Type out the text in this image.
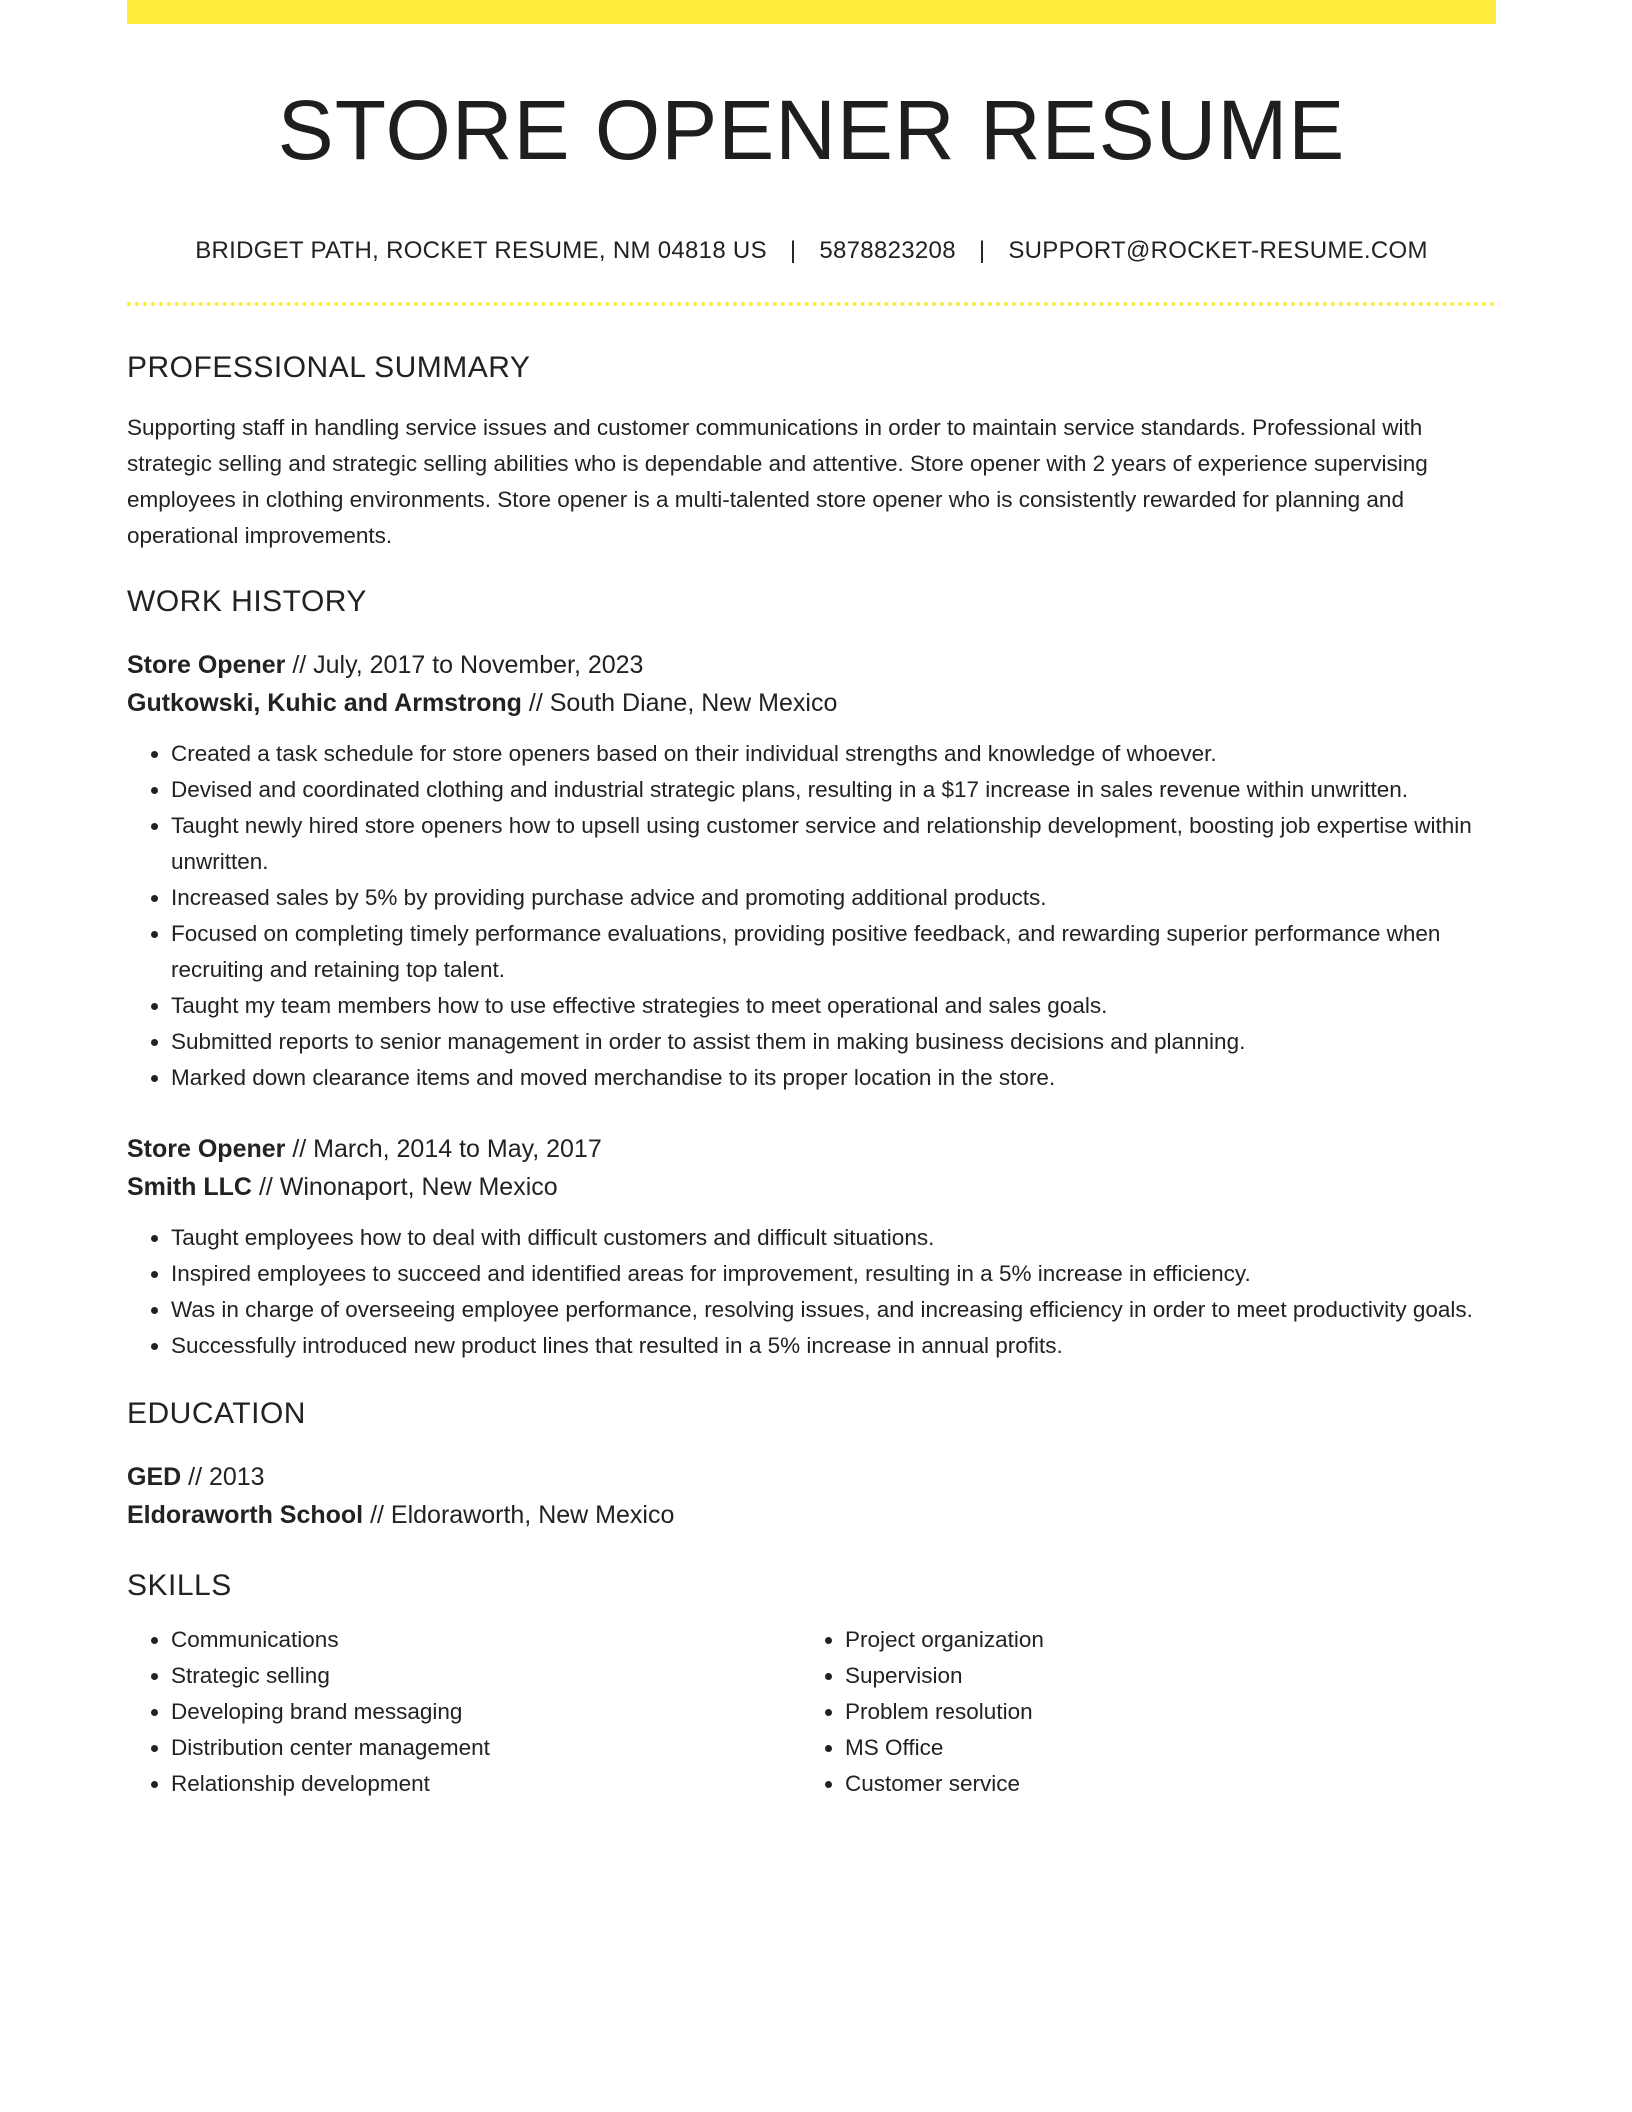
STORE OPENER RESUME
BRIDGET PATH, ROCKET RESUME, NM 04818 US | 5878823208 | SUPPORT@ROCKET-RESUME.COM
PROFESSIONAL SUMMARY

Supporting staff in handling service issues and customer communications in order to maintain service standards. Professional with strategic selling and strategic selling abilities who is dependable and attentive. Store opener with 2 years of experience supervising employees in clothing environments. Store opener is a multi-talented store opener who is consistently rewarded for planning and operational improvements.

WORK HISTORY
Store Opener // July, 2017 to November, 2023
Gutkowski, Kuhic and Armstrong // South Diane, New Mexico
• Created a task schedule for store openers based on their individual strengths and knowledge of whoever.
• Devised and coordinated clothing and industrial strategic plans, resulting in a $17 increase in sales revenue within unwritten.
• Taught newly hired store openers how to upsell using customer service and relationship development, boosting job expertise within unwritten.
• Increased sales by 5% by providing purchase advice and promoting additional products.
• Focused on completing timely performance evaluations, providing positive feedback, and rewarding superior performance when recruiting and retaining top talent.
• Taught my team members how to use effective strategies to meet operational and sales goals.
• Submitted reports to senior management in order to assist them in making business decisions and planning.
• Marked down clearance items and moved merchandise to its proper location in the store.
Store Opener // March, 2014 to May, 2017
Smith LLC // Winonaport, New Mexico
• Taught employees how to deal with difficult customers and difficult situations.
• Inspired employees to succeed and identified areas for improvement, resulting in a 5% increase in efficiency.
• Was in charge of overseeing employee performance, resolving issues, and increasing efficiency in order to meet productivity goals.
• Successfully introduced new product lines that resulted in a 5% increase in annual profits.
EDUCATION
GED // 2013
Eldoraworth School // Eldoraworth, New Mexico
SKILLS
• Communications
• Strategic selling
• Developing brand messaging
• Distribution center management
• Relationship development
• Project organization
• Supervision
• Problem resolution
• MS Office
• Customer service
